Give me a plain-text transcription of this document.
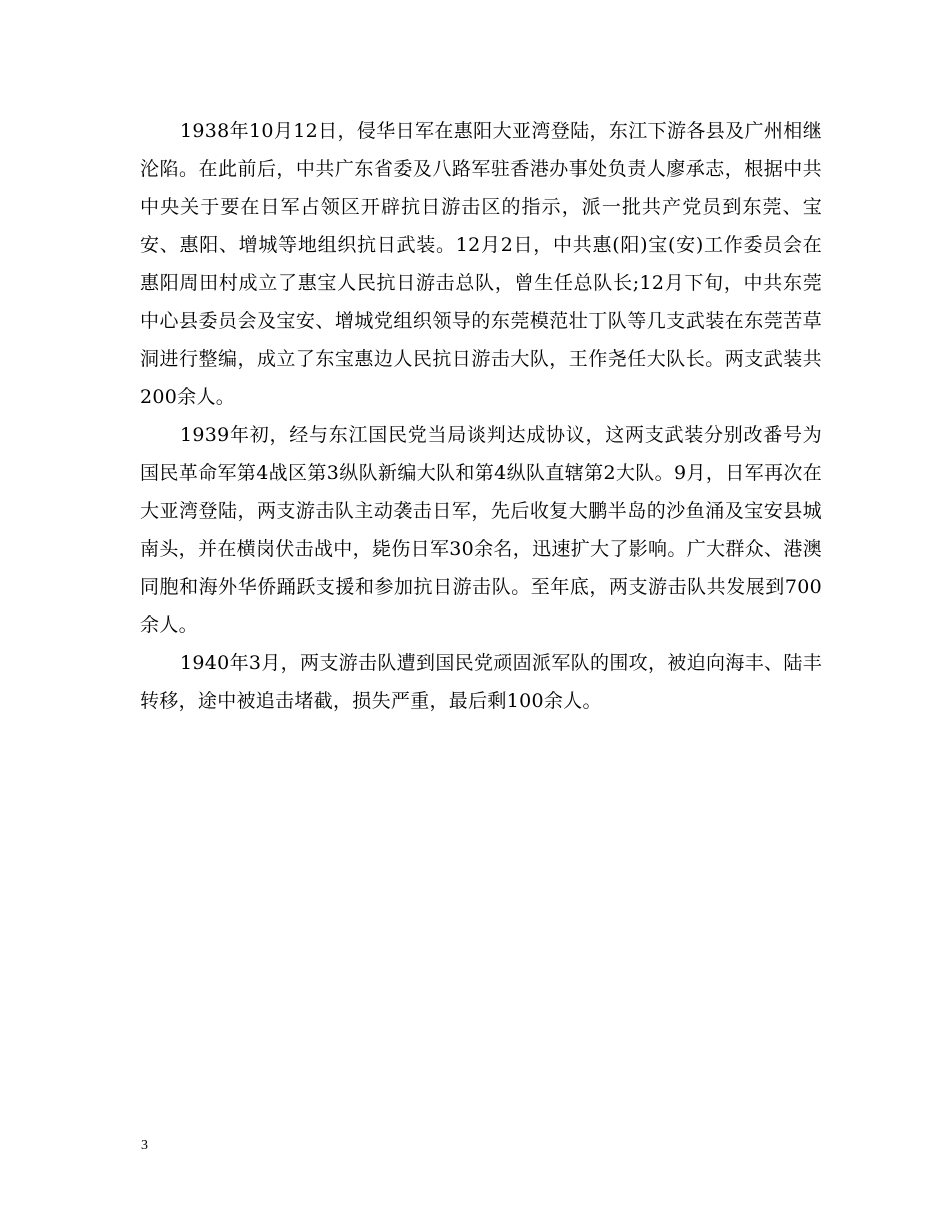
1938年10月12日，侵华日军在惠阳大亚湾登陆，东江下游各县及广州相继沦陷。在此前后，中共广东省委及八路军驻香港办事处负责人廖承志，根据中共中央关于要在日军占领区开辟抗日游击区的指示，派一批共产党员到东莞、宝安、惠阳、增城等地组织抗日武装。12月2日，中共惠(阳)宝(安)工作委员会在惠阳周田村成立了惠宝人民抗日游击总队，曾生任总队长;12月下旬，中共东莞中心县委员会及宝安、增城党组织领导的东莞模范壮丁队等几支武装在东莞苦草洞进行整编，成立了东宝惠边人民抗日游击大队，王作尧任大队长。两支武装共200余人。

1939年初，经与东江国民党当局谈判达成协议，这两支武装分别改番号为国民革命军第4战区第3纵队新编大队和第4纵队直辖第2大队。9月，日军再次在大亚湾登陆，两支游击队主动袭击日军，先后收复大鹏半岛的沙鱼涌及宝安县城南头，并在横岗伏击战中，毙伤日军30余名，迅速扩大了影响。广大群众、港澳同胞和海外华侨踊跃支援和参加抗日游击队。至年底，两支游击队共发展到700余人。

1940年3月，两支游击队遭到国民党顽固派军队的围攻，被迫向海丰、陆丰转移，途中被追击堵截，损失严重，最后剩100余人。

3
